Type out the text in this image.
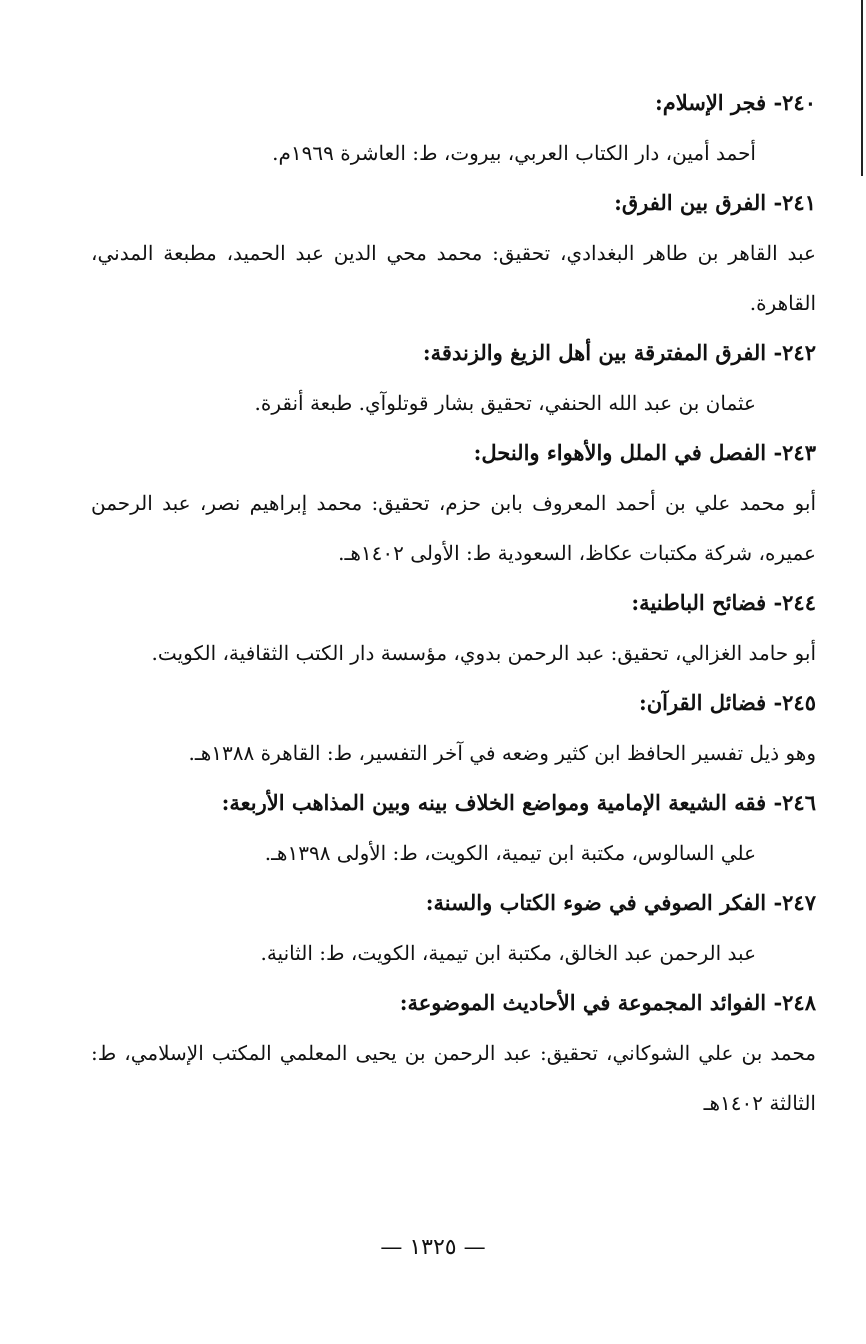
٢٤٠- فجر الإسلام:
أحمد أمين، دار الكتاب العربي، بيروت، ط: العاشرة ١٩٦٩م.
٢٤١- الفرق بين الفرق:
عبد القاهر بن طاهر البغدادي، تحقيق: محمد محي الدين عبد الحميد، مطبعة المدني، القاهرة.
٢٤٢- الفرق المفترقة بين أهل الزيغ والزندقة:
عثمان بن عبد الله الحنفي، تحقيق بشار قوتلوآي. طبعة أنقرة.
٢٤٣- الفصل في الملل والأهواء والنحل:
أبو محمد علي بن أحمد المعروف بابن حزم، تحقيق: محمد إبراهيم نصر، عبد الرحمن عميره، شركة مكتبات عكاظ، السعودية ط: الأولى ١٤٠٢هـ.
٢٤٤- فضائح الباطنية:
أبو حامد الغزالي، تحقيق: عبد الرحمن بدوي، مؤسسة دار الكتب الثقافية، الكويت.
٢٤٥- فضائل القرآن:
وهو ذيل تفسير الحافظ ابن كثير وضعه في آخر التفسير، ط: القاهرة ١٣٨٨هـ.
٢٤٦- فقه الشيعة الإمامية ومواضع الخلاف بينه وبين المذاهب الأربعة:
علي السالوس، مكتبة ابن تيمية، الكويت، ط: الأولى ١٣٩٨هـ.
٢٤٧- الفكر الصوفي في ضوء الكتاب والسنة:
عبد الرحمن عبد الخالق، مكتبة ابن تيمية، الكويت، ط: الثانية.
٢٤٨- الفوائد المجموعة في الأحاديث الموضوعة:
محمد بن علي الشوكاني، تحقيق: عبد الرحمن بن يحيى المعلمي المكتب الإسلامي، ط: الثالثة ١٤٠٢هـ
— ١٣٢٥ —
